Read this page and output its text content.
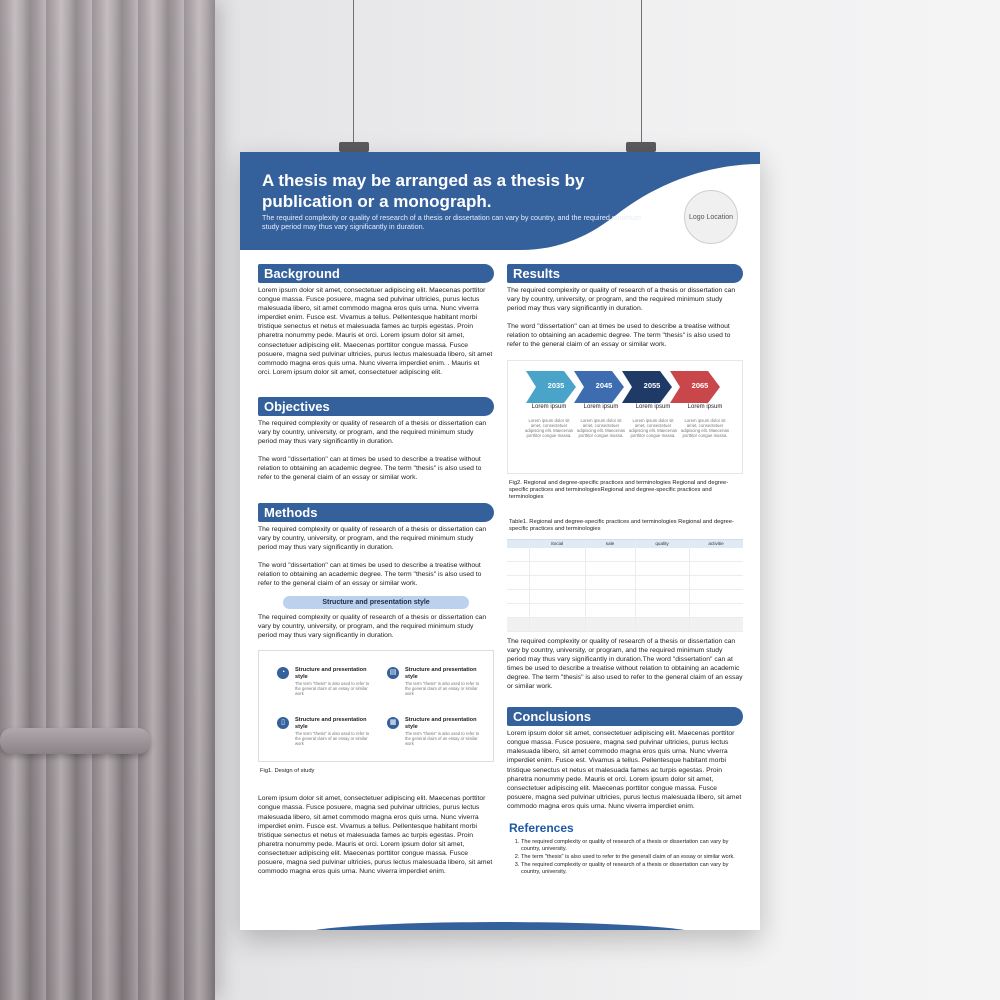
A thesis may be arranged as a thesis by publication or a monograph.

The required complexity or quality of research of a thesis or dissertation can vary by country, and the required minimum study period may thus vary significantly in duration.

Logo Location
Background

Lorem ipsum dolor sit amet, consectetuer adipiscing elit. Maecenas porttitor congue massa. Fusce posuere, magna sed pulvinar ultricies, purus lectus malesuada libero, sit amet commodo magna eros quis urna. Nunc viverra imperdiet enim. Fusce est. Vivamus a tellus. Pellentesque habitant morbi tristique senectus et netus et malesuada fames ac turpis egestas. Proin pharetra nonummy pede. Mauris et orci. Lorem ipsum dolor sit amet, consectetuer adipiscing elit. Maecenas porttitor congue massa. Fusce posuere, magna sed pulvinar ultricies, purus lectus malesuada libero, sit amet commodo magna eros quis urna. Nunc viverra imperdiet enim. . Mauris et orci. Lorem ipsum dolor sit amet, consectetuer adipiscing elit.

Objectives

The required complexity or quality of research of a thesis or dissertation can vary by country, university, or program, and the required minimum study period may thus vary significantly in duration.

The word "dissertation" can at times be used to describe a treatise without relation to obtaining an academic degree. The term "thesis" is also used to refer to the general claim of an essay or similar work.

Methods

The required complexity or quality of research of a thesis or dissertation can vary by country, university, or program, and the required minimum study period may thus vary significantly in duration.

The word "dissertation" can at times be used to describe a treatise without relation to obtaining an academic degree. The term "thesis" is also used to refer to the general claim of an essay or similar work.

Structure and presentation style

The required complexity or quality of research of a thesis or dissertation can vary by country, university, or program, and the required minimum study period may thus vary significantly in duration.

◔	Structure and presentation style
The term "thesis" is also used to refer to the general claim of an essay or similar work
▤	Structure and presentation style
The term "thesis" is also used to refer to the general claim of an essay or similar work
▯	Structure and presentation style
The term "thesis" is also used to refer to the general claim of an essay or similar work
▦	Structure and presentation style
The term "thesis" is also used to refer to the general claim of an essay or similar work

Fig1. Design of study

Lorem ipsum dolor sit amet, consectetuer adipiscing elit. Maecenas porttitor congue massa. Fusce posuere, magna sed pulvinar ultricies, purus lectus malesuada libero, sit amet commodo magna eros quis urna. Nunc viverra imperdiet enim. Fusce est. Vivamus a tellus. Pellentesque habitant morbi tristique senectus et netus et malesuada fames ac turpis egestas. Proin pharetra nonummy pede. Mauris et orci. Lorem ipsum dolor sit amet, consectetuer adipiscing elit. Maecenas porttitor congue massa. Fusce posuere, magna sed pulvinar ultricies, purus lectus malesuada libero, sit amet commodo magna eros quis urna. Nunc viverra imperdiet enim.

Results

The required complexity or quality of research of a thesis or dissertation can vary by country, university, or program, and the required minimum study period may thus vary significantly in duration.

The word "dissertation" can at times be used to describe a treatise without relation to obtaining an academic degree. The term "thesis" is also used to refer to the general claim of an essay or similar work.

2035	2045	2055	2065
Lorem ipsum	Lorem ipsum	Lorem ipsum	Lorem ipsum
Lorem ipsum dolor sit amet, consectetuer adipiscing elit. Maecenas porttitor congue massa.
Lorem ipsum dolor sit amet, consectetuer adipiscing elit. Maecenas porttitor congue massa.
Lorem ipsum dolor sit amet, consectetuer adipiscing elit. Maecenas porttitor congue massa.
Lorem ipsum dolor sit amet, consectetuer adipiscing elit. Maecenas porttitor congue massa.

Fig2. Regional and degree-specific practices and terminologies Regional and degree-specific practices and terminologiesRegional and degree-specific practices and terminologies

Table1. Regional and degree-specific practices and terminologies Regional and degree-specific practices and terminologies

Social	sale	quality	activitie

The required complexity or quality of research of a thesis or dissertation can vary by country, university, or program, and the required minimum study period may thus vary significantly in duration.The word "dissertation" can at times be used to describe a treatise without relation to obtaining an academic degree. The term "thesis" is also used to refer to the general claim of an essay or similar work.

Conclusions

Lorem ipsum dolor sit amet, consectetuer adipiscing elit. Maecenas porttitor congue massa. Fusce posuere, magna sed pulvinar ultricies, purus lectus malesuada libero, sit amet commodo magna eros quis urna. Nunc viverra imperdiet enim. Fusce est. Vivamus a tellus. Pellentesque habitant morbi tristique senectus et netus et malesuada fames ac turpis egestas. Proin pharetra nonummy pede. Mauris et orci. Lorem ipsum dolor sit amet, consectetuer adipiscing elit. Maecenas porttitor congue massa. Fusce posuere, magna sed pulvinar ultricies, purus lectus malesuada libero, sit amet commodo magna eros quis urna. Nunc viverra imperdiet enim.

References
1. The required complexity or quality of research of a thesis or dissertation can vary by country, university.
2. The term "thesis" is also used to refer to the generall claim of an essay or similar work.
3. The required complexity or quality of research of a thesis or dissertation can vary by country, university.
